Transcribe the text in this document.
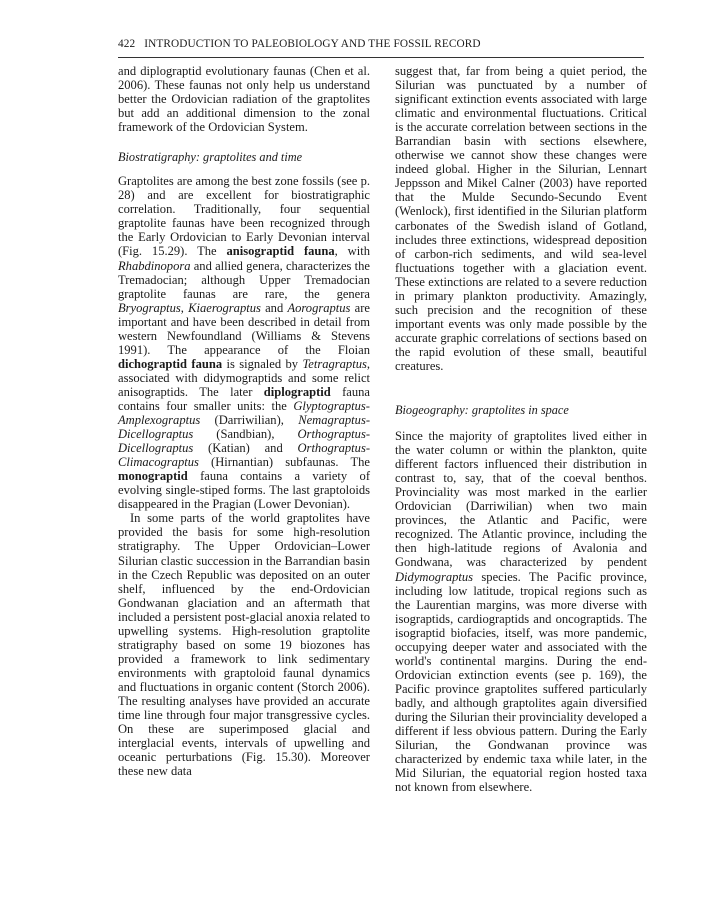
422 INTRODUCTION TO PALEOBIOLOGY AND THE FOSSIL RECORD

and diplograptid evolutionary faunas (Chen et al. 2006). These faunas not only help us understand better the Ordovician radiation of the graptolites but add an additional dimension to the zonal framework of the Ordovician System.

Biostratigraphy: graptolites and time

Graptolites are among the best zone fossils (see p. 28) and are excellent for biostratigraphic correlation. Traditionally, four sequential graptolite faunas have been recognized through the Early Ordovician to Early Devonian interval (Fig. 15.29). The anisograptid fauna, with Rhabdinopora and allied genera, characterizes the Tremadocian; although Upper Tremadocian graptolite faunas are rare, the genera Bryograptus, Kiaerograptus and Aorograptus are important and have been described in detail from western Newfoundland (Williams & Stevens 1991). The appearance of the Floian dichograptid fauna is signaled by Tetragraptus, associated with didymograptids and some relict anisograptids. The later diplograptid fauna contains four smaller units: the Glyptograptus-Amplexograptus (Darriwilian), Nemagraptus-Dicellograptus (Sandbian), Orthograptus-Dicellograptus (Katian) and Orthograptus-Climacograptus (Hirnantian) subfaunas. The monograptid fauna contains a variety of evolving single-stiped forms. The last graptoloids disappeared in the Pragian (Lower Devonian).

In some parts of the world graptolites have provided the basis for some high-resolution stratigraphy. The Upper Ordovician–Lower Silurian clastic succession in the Barrandian basin in the Czech Republic was deposited on an outer shelf, influenced by the end-Ordovician Gondwanan glaciation and an aftermath that included a persistent post-glacial anoxia related to upwelling systems. High-resolution graptolite stratigraphy based on some 19 biozones has provided a framework to link sedimentary environments with graptoloid faunal dynamics and fluctuations in organic content (Storch 2006). The resulting analyses have provided an accurate time line through four major transgressive cycles. On these are superimposed glacial and interglacial events, intervals of upwelling and oceanic perturbations (Fig. 15.30). Moreover these new data

suggest that, far from being a quiet period, the Silurian was punctuated by a number of significant extinction events associated with large climatic and environmental fluctuations. Critical is the accurate correlation between sections in the Barrandian basin with sections elsewhere, otherwise we cannot show these changes were indeed global. Higher in the Silurian, Lennart Jeppsson and Mikel Calner (2003) have reported that the Mulde Secundo-Secundo Event (Wenlock), first identified in the Silurian platform carbonates of the Swedish island of Gotland, includes three extinctions, widespread deposition of carbon-rich sediments, and wild sea-level fluctuations together with a glaciation event. These extinctions are related to a severe reduction in primary plankton productivity. Amazingly, such precision and the recognition of these important events was only made possible by the accurate graphic correlations of sections based on the rapid evolution of these small, beautiful creatures.

Biogeography: graptolites in space

Since the majority of graptolites lived either in the water column or within the plankton, quite different factors influenced their distribution in contrast to, say, that of the coeval benthos. Provinciality was most marked in the earlier Ordovician (Darriwilian) when two main provinces, the Atlantic and Pacific, were recognized. The Atlantic province, including the then high-latitude regions of Avalonia and Gondwana, was characterized by pendent Didymograptus species. The Pacific province, including low latitude, tropical regions such as the Laurentian margins, was more diverse with isograptids, cardiograptids and oncograptids. The isograptid biofacies, itself, was more pandemic, occupying deeper water and associated with the world's continental margins. During the end-Ordovician extinction events (see p. 169), the Pacific province graptolites suffered particularly badly, and although graptolites again diversified during the Silurian their provinciality developed a different if less obvious pattern. During the Early Silurian, the Gondwanan province was characterized by endemic taxa while later, in the Mid Silurian, the equatorial region hosted taxa not known from elsewhere.
